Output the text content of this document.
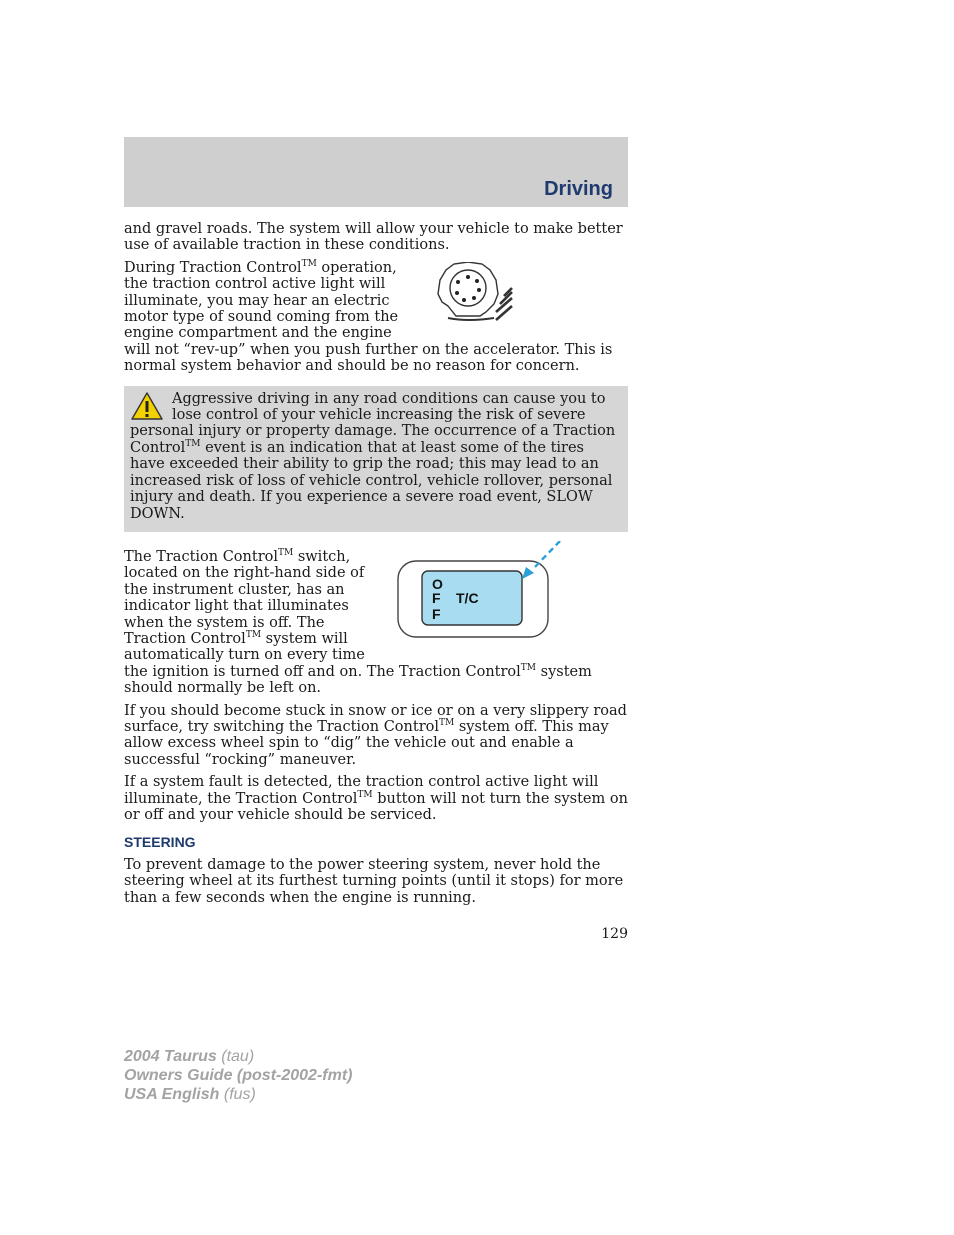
Driving

and gravel roads. The system will allow your vehicle to make better use of available traction in these conditions.

During Traction Control™ operation, the traction control active light will illuminate, you may hear an electric motor type of sound coming from the engine compartment and the engine will not “rev-up” when you push further on the accelerator. This is normal system behavior and should be no reason for concern.

Aggressive driving in any road conditions can cause you to lose control of your vehicle increasing the risk of severe personal injury or property damage. The occurrence of a Traction Control™ event is an indication that at least some of the tires have exceeded their ability to grip the road; this may lead to an increased risk of loss of vehicle control, vehicle rollover, personal injury and death. If you experience a severe road event, SLOW DOWN.
O
F
F
T/C

The Traction Control™ switch, located on the right-hand side of the instrument cluster, has an indicator light that illuminates when the system is off. The Traction Control™ system will automatically turn on every time the ignition is turned off and on. The Traction Control™ system should normally be left on.

If you should become stuck in snow or ice or on a very slippery road surface, try switching the Traction Control™ system off. This may allow excess wheel spin to “dig” the vehicle out and enable a successful “rocking” maneuver.

If a system fault is detected, the traction control active light will illuminate, the Traction Control™ button will not turn the system on or off and your vehicle should be serviced.

STEERING

To prevent damage to the power steering system, never hold the steering wheel at its furthest turning points (until it stops) for more than a few seconds when the engine is running.

129
2004 Taurus (tau)
Owners Guide (post-2002-fmt)
USA English (fus)
